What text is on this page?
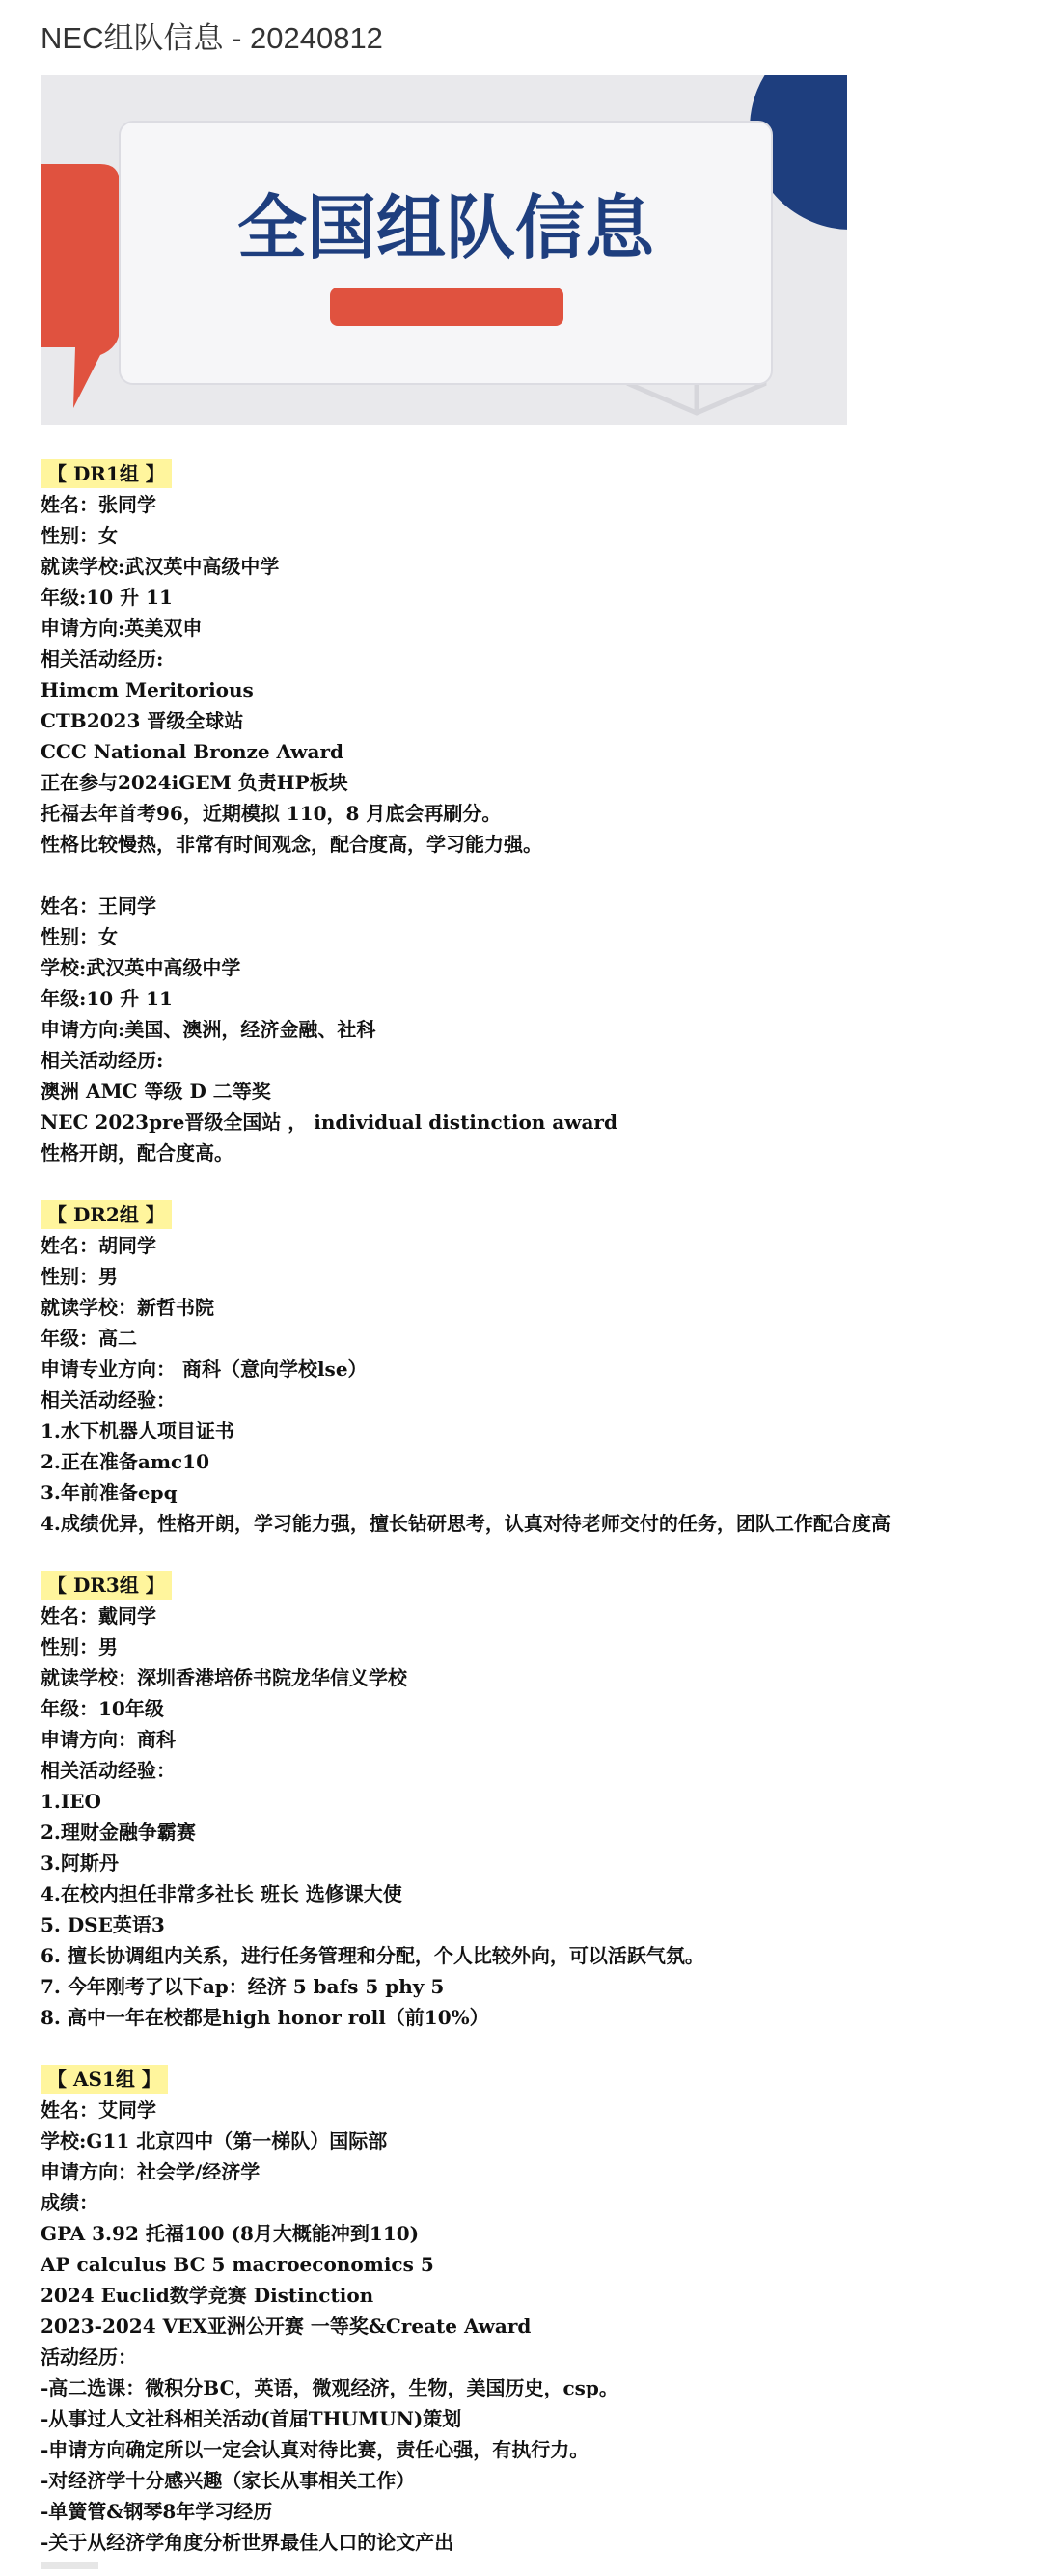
NEC组队信息 - 20240812
全国组队信息
【 DR1组 】
姓名：张同学
性别：女
就读学校:武汉英中高级中学
年级:10 升 11
申请方向:英美双申
相关活动经历:
Himcm Meritorious
CTB2023 晋级全球站
CCC National Bronze Award
正在参与2024iGEM 负责HP板块
托福去年首考96，近期模拟 110，8 月底会再刷分。
性格比较慢热，非常有时间观念，配合度高，学习能力强。
姓名：王同学
性别：女
学校:武汉英中高级中学
年级:10 升 11
申请方向:美国、澳洲，经济金融、社科
相关活动经历:
澳洲 AMC 等级 D 二等奖
NEC 2023pre晋级全国站 ， individual distinction award
性格开朗，配合度高。
【 DR2组 】
姓名：胡同学
性别：男
就读学校：新哲书院
年级：高二
申请专业方向： 商科（意向学校lse）
相关活动经验：
1.水下机器人项目证书
2.正在准备amc10
3.年前准备epq
4.成绩优异，性格开朗，学习能力强，擅长钻研思考，认真对待老师交付的任务，团队工作配合度高
【 DR3组 】
姓名：戴同学
性别：男
就读学校：深圳香港培侨书院龙华信义学校
年级：10年级
申请方向：商科
相关活动经验：
1.IEO
2.理财金融争霸赛
3.阿斯丹
4.在校内担任非常多社长 班长 选修课大使
5. DSE英语3
6. 擅长协调组内关系，进行任务管理和分配，个人比较外向，可以活跃气氛。
7. 今年刚考了以下ap：经济 5 bafs 5 phy 5
8. 高中一年在校都是high honor roll（前10%）
【 AS1组 】
姓名：艾同学
学校:G11 北京四中（第一梯队）国际部
申请方向：社会学/经济学
成绩：
GPA 3.92 托福100 (8月大概能冲到110)
AP calculus BC 5 macroeconomics 5
2024 Euclid数学竞赛 Distinction
2023-2024 VEX亚洲公开赛 一等奖&Create Award
活动经历：
-高二选课：微积分BC，英语，微观经济，生物，美国历史，csp。
-从事过人文社科相关活动(首届THUMUN)策划
-申请方向确定所以一定会认真对待比赛，责任心强，有执行力。
-对经济学十分感兴趣（家长从事相关工作）
-单簧管&钢琴8年学习经历
-关于从经济学角度分析世界最佳人口的论文产出
